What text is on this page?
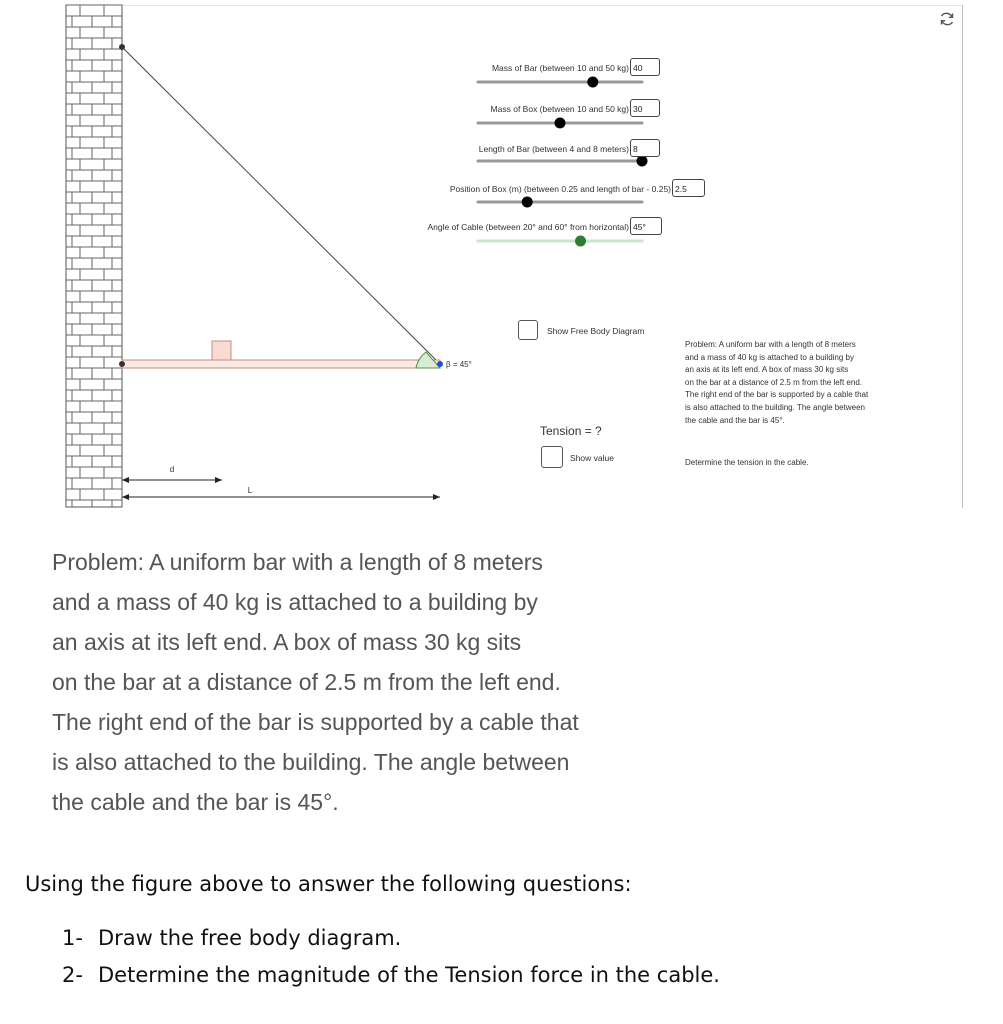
β = 45°
d
L
Mass of Bar (between 10 and 50 kg) 40
Mass of Box (between 10 and 50 kg) 30
Length of Bar (between 4 and 8 meters) 8
Position of Box (m) (between 0.25 and length of bar - 0.25) 2.5
Angle of Cable (between 20° and 60° from horizontal) 45°
Show Free Body Diagram
Tension = ?
Show value

Problem: A uniform bar with a length of 8 meters

and a mass of 40 kg is attached to a building by

an axis at its left end. A box of mass 30 kg sits

on the bar at a distance of 2.5 m from the left end.

The right end of the bar is supported by a cable that

is also attached to the building. The angle between

the cable and the bar is 45°.

Determine the tension in the cable.

Problem: A uniform bar with a length of 8 meters

and a mass of 40 kg is attached to a building by

an axis at its left end. A box of mass 30 kg sits

on the bar at a distance of 2.5 m from the left end.

The right end of the bar is supported by a cable that

is also attached to the building. The angle between

the cable and the bar is 45°.

Using the figure above to answer the following questions:
1- Draw the free body diagram.
2- Determine the magnitude of the Tension force in the cable.
